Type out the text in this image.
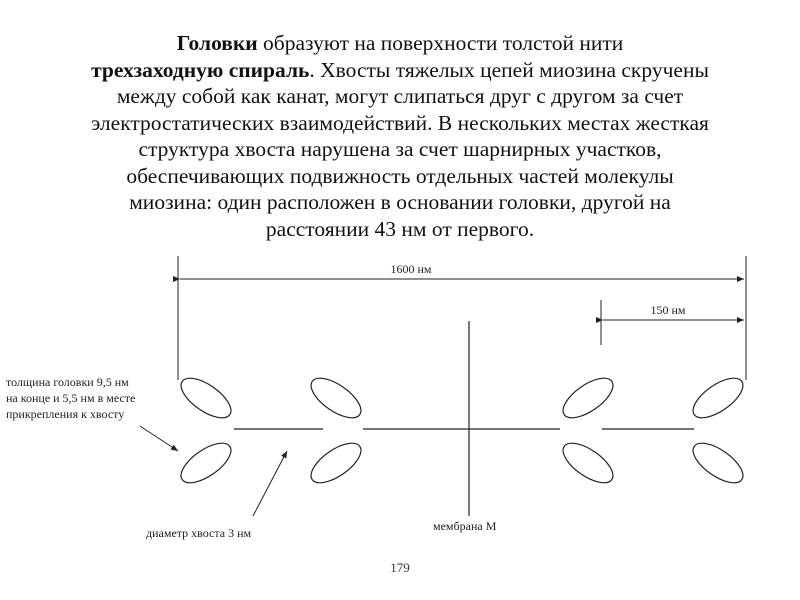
Головки образуют на поверхности толстой нити
трехзаходную спираль. Хвосты тяжелых цепей миозина скручены
между собой как канат, могут слипаться друг с другом за счет
электростатических взаимодействий. В нескольких местах жесткая
структура хвоста нарушена за счет шарнирных участков,
обеспечивающих подвижность отдельных частей молекулы
миозина: один расположен в основании головки, другой на
расстоянии 43 нм от первого.
1600 нм
150 нм
толщина головки 9,5 нм на конце и 5,5 нм в месте прикрепления к хвосту
диаметр хвоста 3 нм	мембрана М
179
